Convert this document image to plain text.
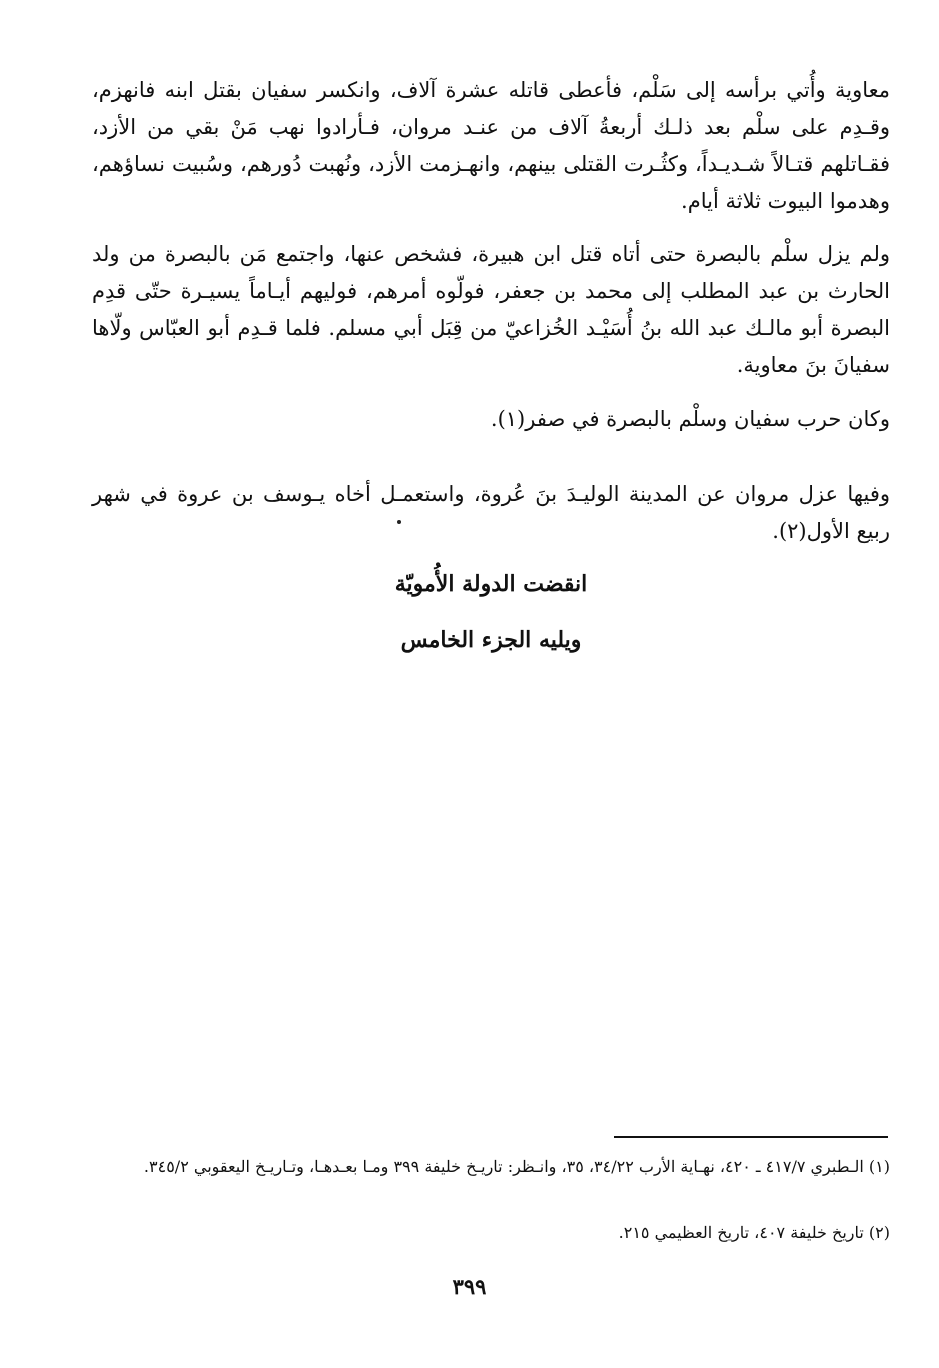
معاوية وأُتي برأسه إلى سَلْم، فأعطى قاتله عشرة آلاف، وانكسر سفيان بقتل ابنه فانهزم، وقـدِم على سلْم بعد ذلـك أربعةُ آلاف من عنـد مروان، فـأرادوا نهب مَنْ بقي من الأزد، فقـاتلهم قتـالاً شـديـداً، وكثُـرت القتلى بينهم، وانهـزمت الأزد، ونُهبت دُورهم، وسُبيت نساؤهم، وهدموا البيوت ثلاثة أيام.

ولم يزل سلْم بالبصرة حتى أتاه قتل ابن هبيرة، فشخص عنها، واجتمع مَن بالبصرة من ولد الحارث بن عبد المطلب إلى محمد بن جعفر، فولّوه أمرهم، فوليهم أيـاماً يسيـرة حتّى قدِم البصرة أبو مالـك عبد الله بنُ أُسَيْـد الخُزاعيّ من قِبَل أبي مسلم. فلما قـدِم أبو العبّاس ولّاها سفيانَ بنَ معاوية.

وكان حرب سفيان وسلْم بالبصرة في صفر(١).

وفيها عزل مروان عن المدينة الوليـدَ بنَ عُروة، واستعمـل أخاه يـوسف بن عروة في شهر ربيع الأول(٢).

انقضت الدولة الأُمويّة
ويليه الجزء الخامس

(١) الـطبري ٤١٧/٧ ـ ٤٢٠، نهـاية الأرب ٣٤/٢٢، ٣٥، وانـظر: تاريـخ خليفة ٣٩٩ ومـا بعـدهـا، وتـاريـخ اليعقوبي ٣٤٥/٢.

(٢) تاريخ خليفة ٤٠٧، تاريخ العظيمي ٢١٥.

٣٩٩
